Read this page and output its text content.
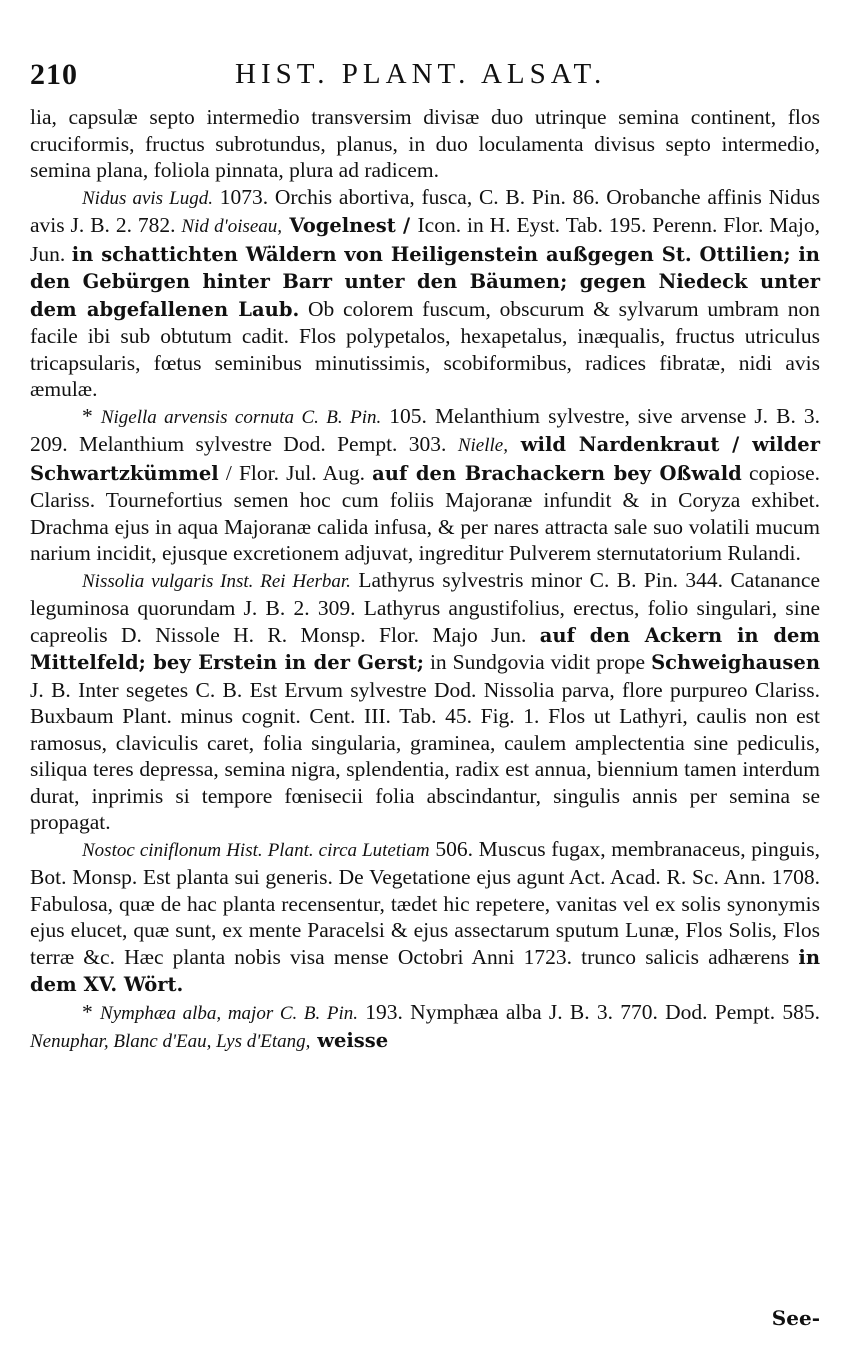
210	HIST. PLANT. ALSAT.

lia, capsulæ septo intermedio transversim divisæ duo utrinque semina continent, flos cruciformis, fructus subrotundus, planus, in duo loculamenta divisus septo intermedio, semina plana, foliola pinnata, plura ad radicem.

Nidus avis Lugd. 1073. Orchis abortiva, fusca, C. B. Pin. 86. Orobanche affinis Nidus avis J. B. 2. 782. Nid d'oiseau, Vogelnest / Icon. in H. Eyst. Tab. 195. Perenn. Flor. Majo, Jun. in schattichten Wäldern von Heiligenstein außgegen St. Ottilien; in den Gebürgen hinter Barr unter den Bäumen; gegen Niedeck unter dem abgefallenen Laub. Ob colorem fuscum, obscurum & sylvarum umbram non facile ibi sub obtutum cadit. Flos polypetalos, hexapetalus, inæqualis, fructus utriculus tricapsularis, fœtus seminibus minutissimis, scobiformibus, radices fibratæ, nidi avis æmulæ.

* Nigella arvensis cornuta C. B. Pin. 105. Melanthium sylvestre, sive arvense J. B. 3. 209. Melanthium sylvestre Dod. Pempt. 303. Nielle, wild Nardenkraut / wilder Schwartzkümmel / Flor. Jul. Aug. auf den Brachackern bey Oßwald copiose. Clariss. Tournefortius semen hoc cum foliis Majoranæ infundit & in Coryza exhibet. Drachma ejus in aqua Majoranæ calida infusa, & per nares attracta sale suo volatili mucum narium incidit, ejusque excretionem adjuvat, ingreditur Pulverem sternutatorium Rulandi.

Nissolia vulgaris Inst. Rei Herbar. Lathyrus sylvestris minor C. B. Pin. 344. Catanance leguminosa quorundam J. B. 2. 309. Lathyrus angustifolius, erectus, folio singulari, sine capreolis D. Nissole H. R. Monsp. Flor. Majo Jun. auf den Ackern in dem Mittelfeld; bey Erstein in der Gerst; in Sundgovia vidit prope Schweighausen J. B. Inter segetes C. B. Est Ervum sylvestre Dod. Nissolia parva, flore purpureo Clariss. Buxbaum Plant. minus cognit. Cent. III. Tab. 45. Fig. 1. Flos ut Lathyri, caulis non est ramosus, claviculis caret, folia singularia, graminea, caulem amplectentia sine pediculis, siliqua teres depressa, semina nigra, splendentia, radix est annua, biennium tamen interdum durat, inprimis si tempore fœnisecii folia abscindantur, singulis annis per semina se propagat.

Nostoc ciniflonum Hist. Plant. circa Lutetiam 506. Muscus fugax, membranaceus, pinguis, Bot. Monsp. Est planta sui generis. De Vegetatione ejus agunt Act. Acad. R. Sc. Ann. 1708. Fabulosa, quæ de hac planta recensentur, tædet hic repetere, vanitas vel ex solis synonymis ejus elucet, quæ sunt, ex mente Paracelsi & ejus assectarum sputum Lunæ, Flos Solis, Flos terræ &c. Hæc planta nobis visa mense Octobri Anni 1723. trunco salicis adhærens in dem XV. Wört.

* Nymphæa alba, major C. B. Pin. 193. Nymphæa alba J. B. 3. 770. Dod. Pempt. 585. Nenuphar, Blanc d'Eau, Lys d'Etang, weisse

See-
